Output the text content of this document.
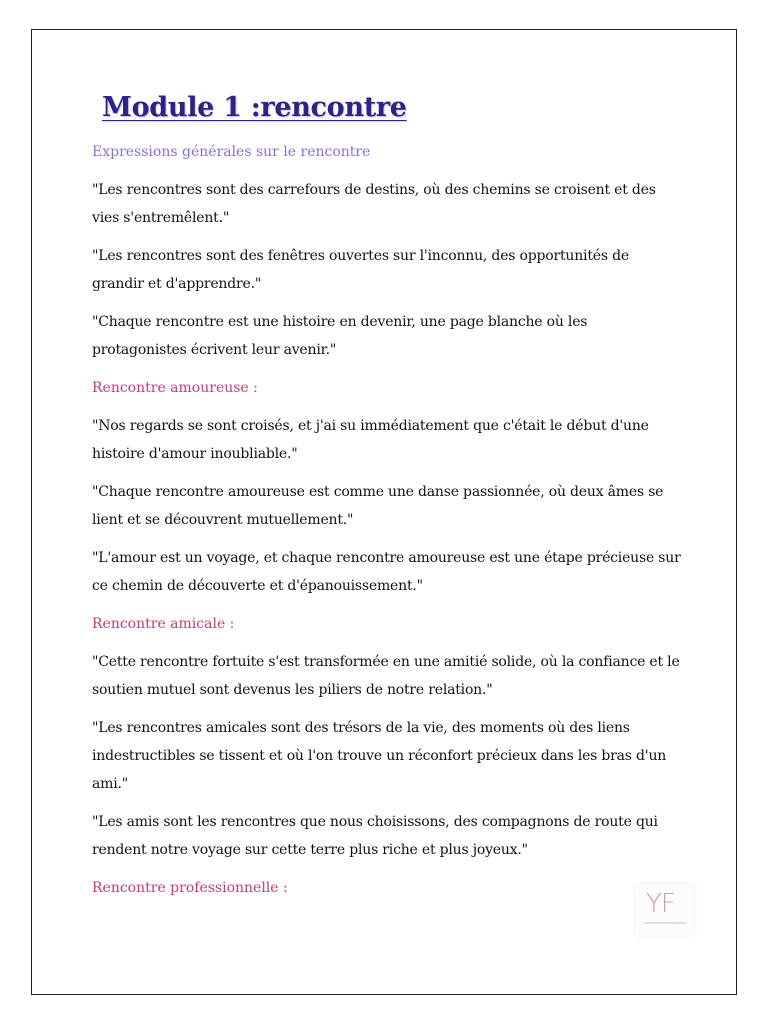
Module 1 :rencontre

Expressions générales sur le rencontre

"Les rencontres sont des carrefours de destins, où des chemins se croisent et des vies s'entremêlent."

"Les rencontres sont des fenêtres ouvertes sur l'inconnu, des opportunités de grandir et d'apprendre."

"Chaque rencontre est une histoire en devenir, une page blanche où les protagonistes écrivent leur avenir."

Rencontre amoureuse :

"Nos regards se sont croisés, et j'ai su immédiatement que c'était le début d'une histoire d'amour inoubliable."

"Chaque rencontre amoureuse est comme une danse passionnée, où deux âmes se lient et se découvrent mutuellement."

"L'amour est un voyage, et chaque rencontre amoureuse est une étape précieuse sur ce chemin de découverte et d'épanouissement."

Rencontre amicale :

"Cette rencontre fortuite s'est transformée en une amitié solide, où la confiance et le soutien mutuel sont devenus les piliers de notre relation."

"Les rencontres amicales sont des trésors de la vie, des moments où des liens indestructibles se tissent et où l'on trouve un réconfort précieux dans les bras d'un ami."

"Les amis sont les rencontres que nous choisissons, des compagnons de route qui rendent notre voyage sur cette terre plus riche et plus joyeux."

Rencontre professionnelle :

YF
